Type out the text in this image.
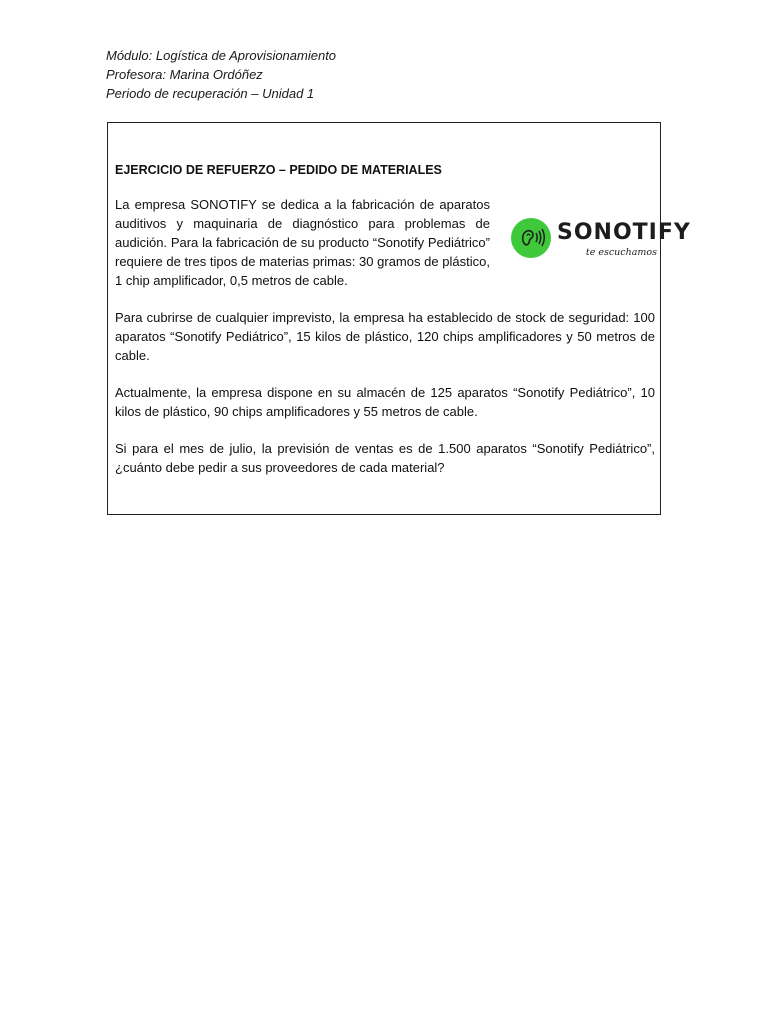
Módulo: Logística de Aprovisionamiento
Profesora: Marina Ordóñez
Periodo de recuperación – Unidad 1
EJERCICIO DE REFUERZO – PEDIDO DE MATERIALES

La empresa SONOTIFY se dedica a la fabricación de aparatos auditivos y maquinaria de diagnóstico para problemas de audición. Para la fabricación de su producto “Sonotify Pediátrico” requiere de tres tipos de materias primas: 30 gramos de plástico, 1 chip amplificador, 0,5 metros de cable.

SONOTIFY
te escuchamos

Para cubrirse de cualquier imprevisto, la empresa ha establecido de stock de seguridad: 100 aparatos “Sonotify Pediátrico”, 15 kilos de plástico, 120 chips amplificadores y 50 metros de cable.

Actualmente, la empresa dispone en su almacén de 125 aparatos “Sonotify Pediátrico”, 10 kilos de plástico, 90 chips amplificadores y 55 metros de cable.

Si para el mes de julio, la previsión de ventas es de 1.500 aparatos “Sonotify Pediátrico”, ¿cuánto debe pedir a sus proveedores de cada material?
